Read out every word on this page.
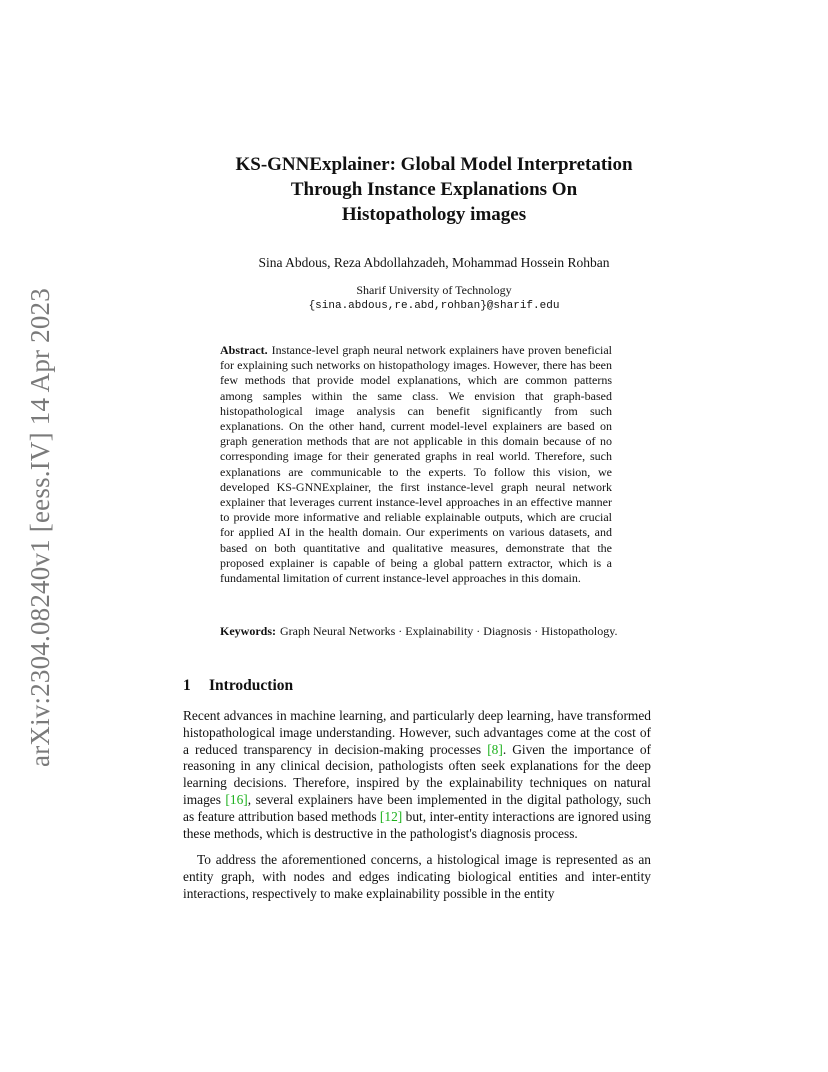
arXiv:2304.08240v1 [eess.IV] 14 Apr 2023
KS-GNNExplainer: Global Model Interpretation
Through Instance Explanations On
Histopathology images
Sina Abdous, Reza Abdollahzadeh, Mohammad Hossein Rohban
Sharif University of Technology
{sina.abdous,re.abd,rohban}@sharif.edu
Abstract. Instance-level graph neural network explainers have proven beneficial for explaining such networks on histopathology images. However, there has been few methods that provide model explanations, which are common patterns among samples within the same class. We envision that graph-based histopathological image analysis can benefit significantly from such explanations. On the other hand, current model-level explainers are based on graph generation methods that are not applicable in this domain because of no corresponding image for their generated graphs in real world. Therefore, such explanations are communicable to the experts. To follow this vision, we developed KS-GNNExplainer, the first instance-level graph neural network explainer that leverages current instance-level approaches in an effective manner to provide more informative and reliable explainable outputs, which are crucial for applied AI in the health domain. Our experiments on various datasets, and based on both quantitative and qualitative measures, demonstrate that the proposed explainer is capable of being a global pattern extractor, which is a fundamental limitation of current instance-level approaches in this domain.
Keywords: Graph Neural Networks · Explainability · Diagnosis · Histopathology.
1 Introduction
Recent advances in machine learning, and particularly deep learning, have transformed histopathological image understanding. However, such advantages come at the cost of a reduced transparency in decision-making processes [8]. Given the importance of reasoning in any clinical decision, pathologists often seek explanations for the deep learning decisions. Therefore, inspired by the explainability techniques on natural images [16], several explainers have been implemented in the digital pathology, such as feature attribution based methods [12] but, inter-entity interactions are ignored using these methods, which is destructive in the pathologist's diagnosis process.
To address the aforementioned concerns, a histological image is represented as an entity graph, with nodes and edges indicating biological entities and inter-entity interactions, respectively to make explainability possible in the entity
